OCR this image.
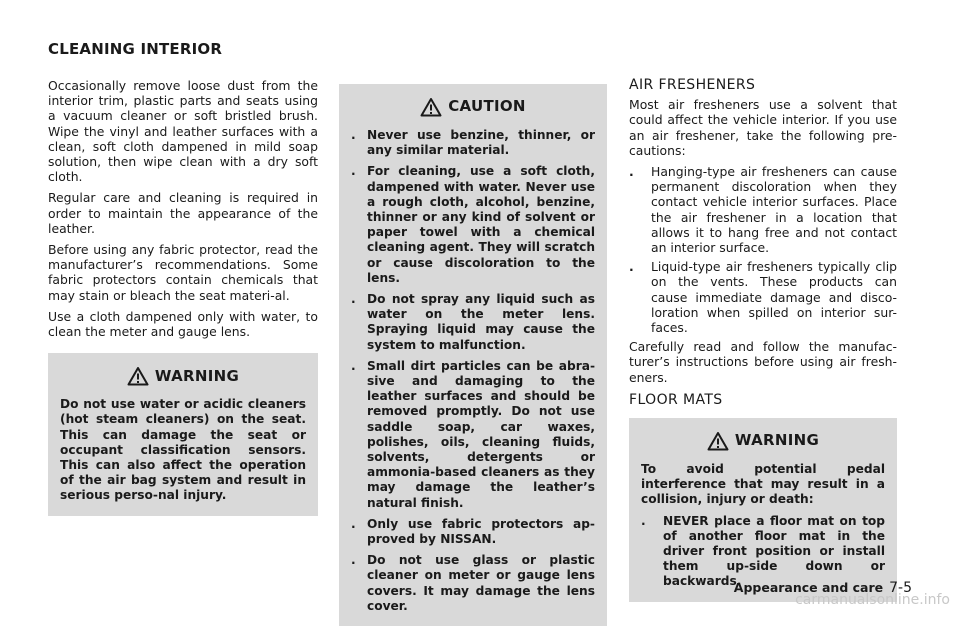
CLEANING INTERIOR

Occasionally remove loose dust from the interior trim, plastic parts and seats using a vacuum cleaner or soft bristled brush. Wipe the vinyl and leather surfaces with a clean, soft cloth dampened in mild soap solution, then wipe clean with a dry soft cloth.

Regular care and cleaning is required in order to maintain the appearance of the leather.

Before using any fabric protector, read the manufacturer’s recommendations. Some fabric protectors contain chemicals that may stain or bleach the seat materi-al.

Use a cloth dampened only with water, to clean the meter and gauge lens.

WARNING
Do not use water or acidic cleaners (hot steam cleaners) on the seat. This can damage the seat or occupant classification sensors. This can also affect the operation of the air bag system and result in serious perso-nal injury.
CAUTION
. Never use benzine, thinner, or any similar material.
. For cleaning, use a soft cloth, dampened with water. Never use a rough cloth, alcohol, benzine, thinner or any kind of solvent or paper towel with a chemical cleaning agent. They will scratch or cause discoloration to the lens.
. Do not spray any liquid such as water on the meter lens. Spraying liquid may cause the system to malfunction.
. Small dirt particles can be abra-sive and damaging to the leather surfaces and should be removed promptly. Do not use saddle soap, car waxes, polishes, oils, cleaning fluids, solvents, detergents or ammonia-based cleaners as they may damage the leather’s natural finish.
. Only use fabric protectors ap-proved by NISSAN.
. Do not use glass or plastic cleaner on meter or gauge lens covers. It may damage the lens cover.
AIR FRESHENERS

Most air fresheners use a solvent that could affect the vehicle interior. If you use an air freshener, take the following pre-cautions:

. Hanging-type air fresheners can cause permanent discoloration when they contact vehicle interior surfaces. Place the air freshener in a location that allows it to hang free and not contact an interior surface.
. Liquid-type air fresheners typically clip on the vents. These products can cause immediate damage and disco-loration when spilled on interior sur-faces.

Carefully read and follow the manufac-turer’s instructions before using air fresh-eners.

FLOOR MATS
WARNING
To avoid potential pedal interference that may result in a collision, injury or death:
. NEVER place a floor mat on top of another floor mat in the driver front position or install them up-side down or backwards.
Appearance and care 7-5
carmanualsonline.info
